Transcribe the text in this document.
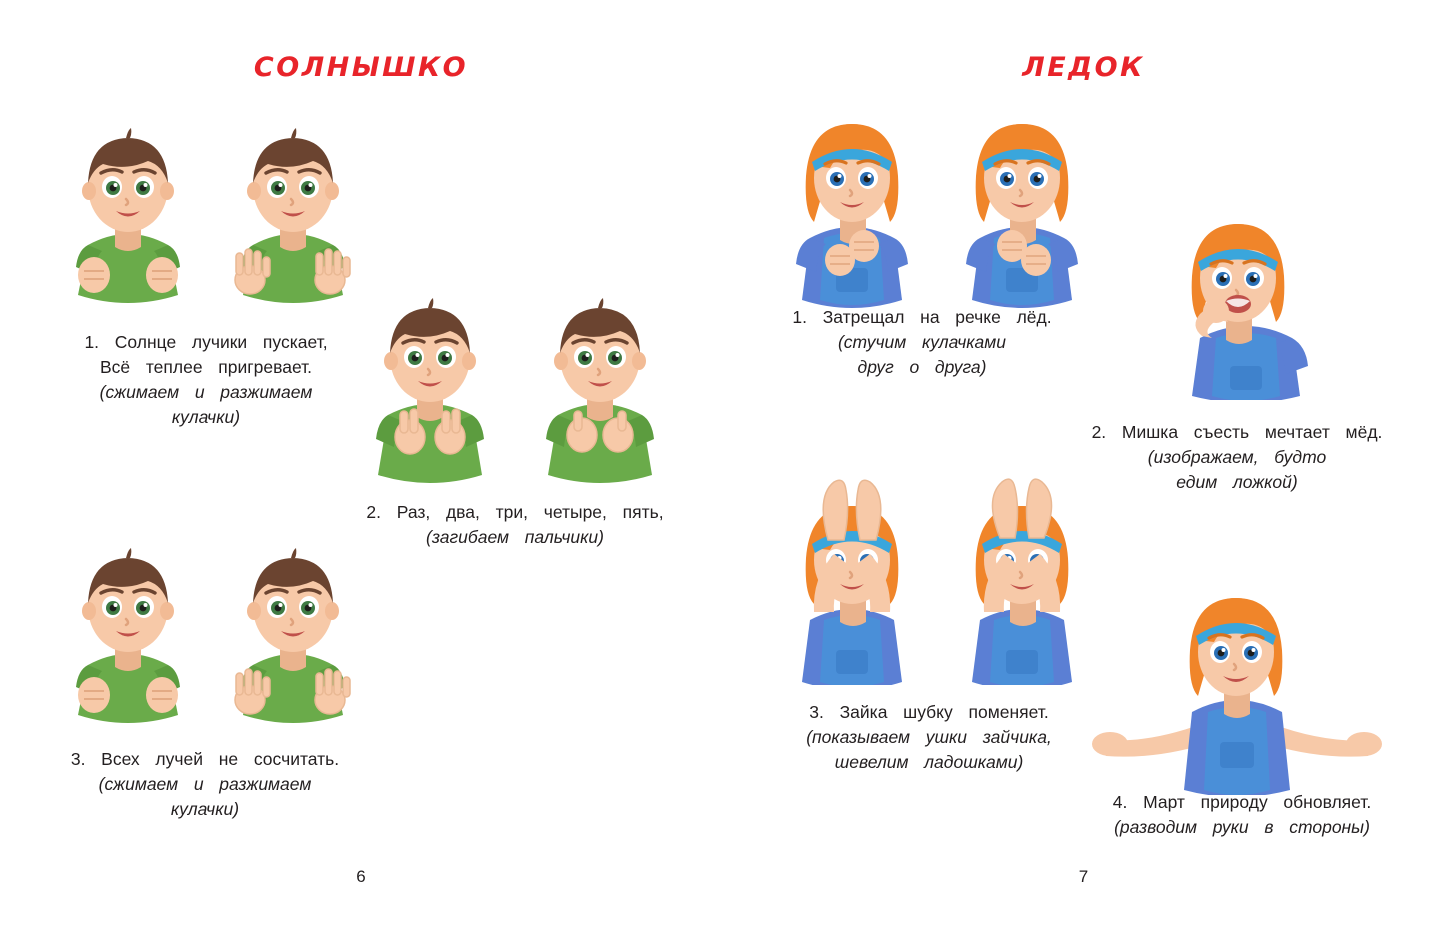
СОЛНЫШКО
1.  Солнце  лучики  пускает,
Всё  теплее  пригревает.
(сжимаем  и  разжимаем
кулачки)
2.  Раз,  два,  три,  четыре,  пять,
(загибаем  пальчики)
3.  Всех  лучей  не  сосчитать.
(сжимаем  и  разжимаем
кулачки)
6
ЛЕДОК
1.  Затрещал  на  речке  лёд.
(стучим  кулачками
друг  о  друга)
2.  Мишка  съесть  мечтает  мёд.
(изображаем,  будто
едим  ложкой)
3.  Зайка  шубку  поменяет.
(показываем  ушки  зайчика,
шевелим  ладошками)
4.  Март  природу  обновляет.
(разводим  руки  в  стороны)
7
